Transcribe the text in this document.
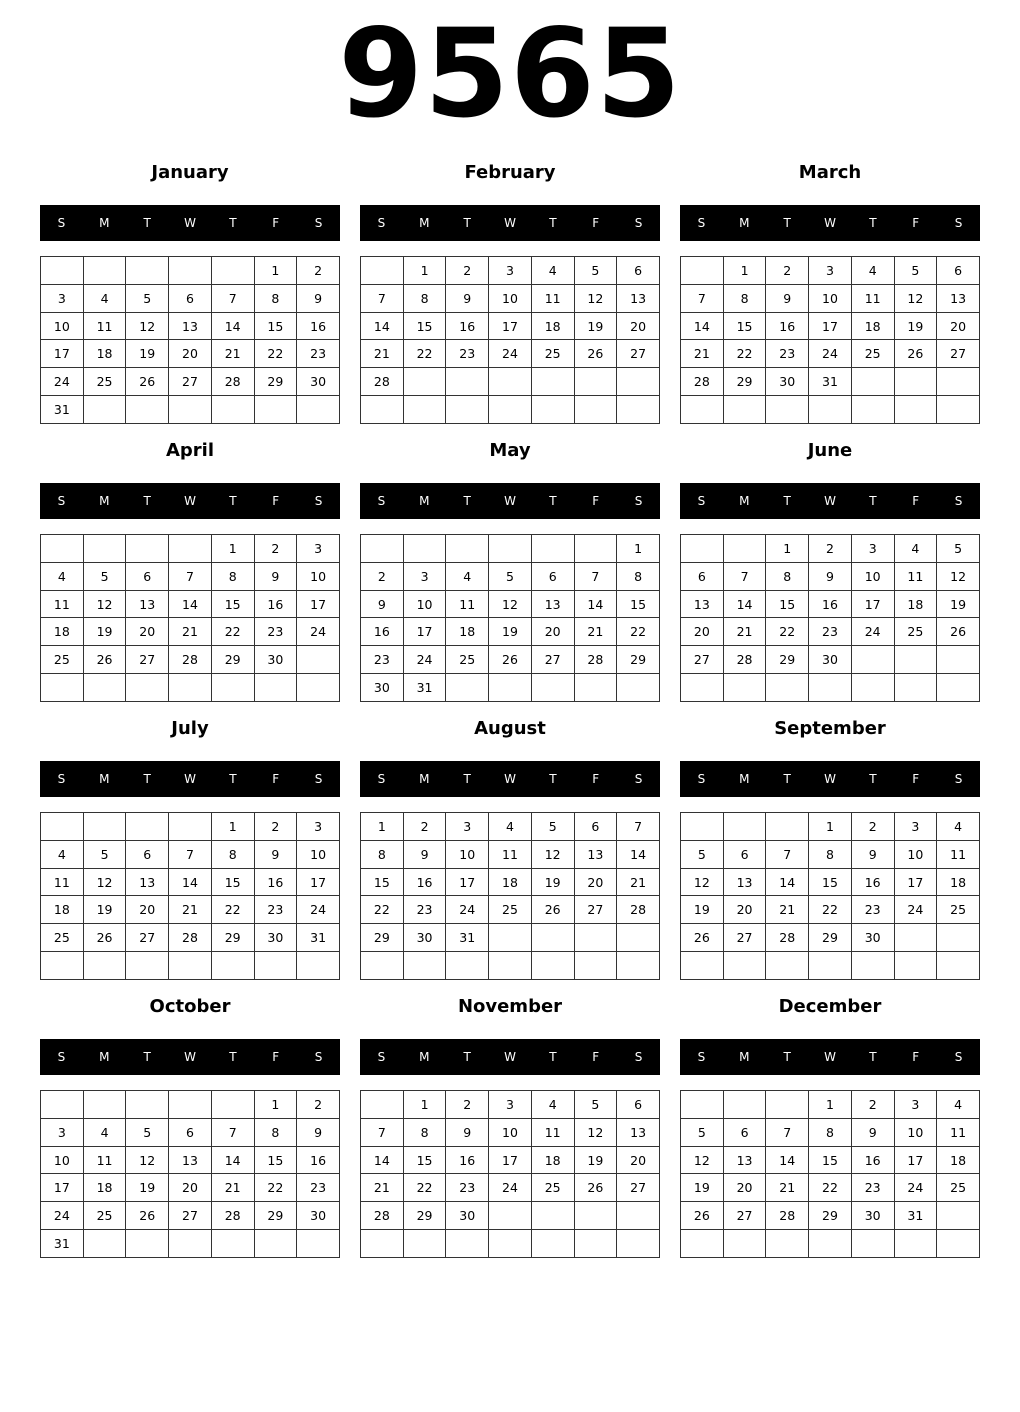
9565
January
S	M	T	W	T	F	S
					1	2
3	4	5	6	7	8	9
10	11	12	13	14	15	16
17	18	19	20	21	22	23
24	25	26	27	28	29	30
31						
February
S	M	T	W	T	F	S
	1	2	3	4	5	6
7	8	9	10	11	12	13
14	15	16	17	18	19	20
21	22	23	24	25	26	27
28						

March
S	M	T	W	T	F	S
	1	2	3	4	5	6
7	8	9	10	11	12	13
14	15	16	17	18	19	20
21	22	23	24	25	26	27
28	29	30	31			

April
S	M	T	W	T	F	S
				1	2	3
4	5	6	7	8	9	10
11	12	13	14	15	16	17
18	19	20	21	22	23	24
25	26	27	28	29	30	

May
S	M	T	W	T	F	S
						1
2	3	4	5	6	7	8
9	10	11	12	13	14	15
16	17	18	19	20	21	22
23	24	25	26	27	28	29
30	31					
June
S	M	T	W	T	F	S
		1	2	3	4	5
6	7	8	9	10	11	12
13	14	15	16	17	18	19
20	21	22	23	24	25	26
27	28	29	30			

July
S	M	T	W	T	F	S
				1	2	3
4	5	6	7	8	9	10
11	12	13	14	15	16	17
18	19	20	21	22	23	24
25	26	27	28	29	30	31

August
S	M	T	W	T	F	S
1	2	3	4	5	6	7
8	9	10	11	12	13	14
15	16	17	18	19	20	21
22	23	24	25	26	27	28
29	30	31				

September
S	M	T	W	T	F	S
			1	2	3	4
5	6	7	8	9	10	11
12	13	14	15	16	17	18
19	20	21	22	23	24	25
26	27	28	29	30		

October
S	M	T	W	T	F	S
					1	2
3	4	5	6	7	8	9
10	11	12	13	14	15	16
17	18	19	20	21	22	23
24	25	26	27	28	29	30
31						
November
S	M	T	W	T	F	S
	1	2	3	4	5	6
7	8	9	10	11	12	13
14	15	16	17	18	19	20
21	22	23	24	25	26	27
28	29	30				

December
S	M	T	W	T	F	S
			1	2	3	4
5	6	7	8	9	10	11
12	13	14	15	16	17	18
19	20	21	22	23	24	25
26	27	28	29	30	31	
